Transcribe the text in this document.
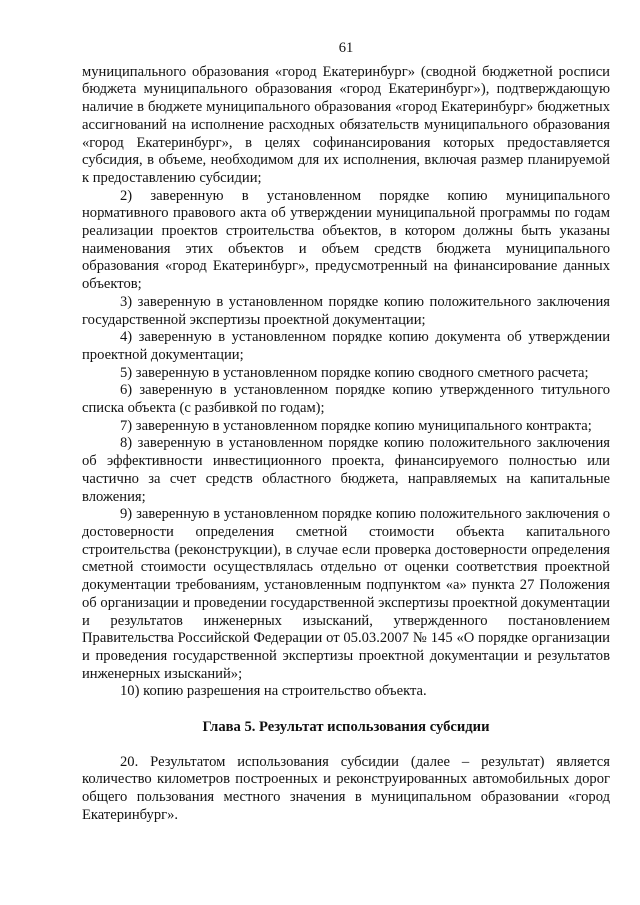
61

муниципального образования «город Екатеринбург» (сводной бюджетной росписи бюджета муниципального образования «город Екатеринбург»), подтверждающую наличие в бюджете муниципального образования «город Екатеринбург» бюджетных ассигнований на исполнение расходных обязательств муниципального образования «город Екатеринбург», в целях софинансирования которых предоставляется субсидия, в объеме, необходимом для их исполнения, включая размер планируемой к предоставлению субсидии;

2) заверенную в установленном порядке копию муниципального нормативного правового акта об утверждении муниципальной программы по годам реализации проектов строительства объектов, в котором должны быть указаны наименования этих объектов и объем средств бюджета муниципального образования «город Екатеринбург», предусмотренный на финансирование данных объектов;

3) заверенную в установленном порядке копию положительного заключения государственной экспертизы проектной документации;

4) заверенную в установленном порядке копию документа об утверждении проектной документации;

5) заверенную в установленном порядке копию сводного сметного расчета;

6) заверенную в установленном порядке копию утвержденного титульного списка объекта (с разбивкой по годам);

7) заверенную в установленном порядке копию муниципального контракта;

8) заверенную в установленном порядке копию положительного заключения об эффективности инвестиционного проекта, финансируемого полностью или частично за счет средств областного бюджета, направляемых на капитальные вложения;

9) заверенную в установленном порядке копию положительного заключения о достоверности определения сметной стоимости объекта капитального строительства (реконструкции), в случае если проверка достоверности определения сметной стоимости осуществлялась отдельно от оценки соответствия проектной документации требованиям, установленным подпунктом «а» пункта 27 Положения об организации и проведении государственной экспертизы проектной документации и результатов инженерных изысканий, утвержденного постановлением Правительства Российской Федерации от 05.03.2007 № 145 «О порядке организации и проведения государственной экспертизы проектной документации и результатов инженерных изысканий»;

10) копию разрешения на строительство объекта.

Глава 5. Результат использования субсидии

20. Результатом использования субсидии (далее – результат) является количество километров построенных и реконструированных автомобильных дорог общего пользования местного значения в муниципальном образовании «город Екатеринбург».
